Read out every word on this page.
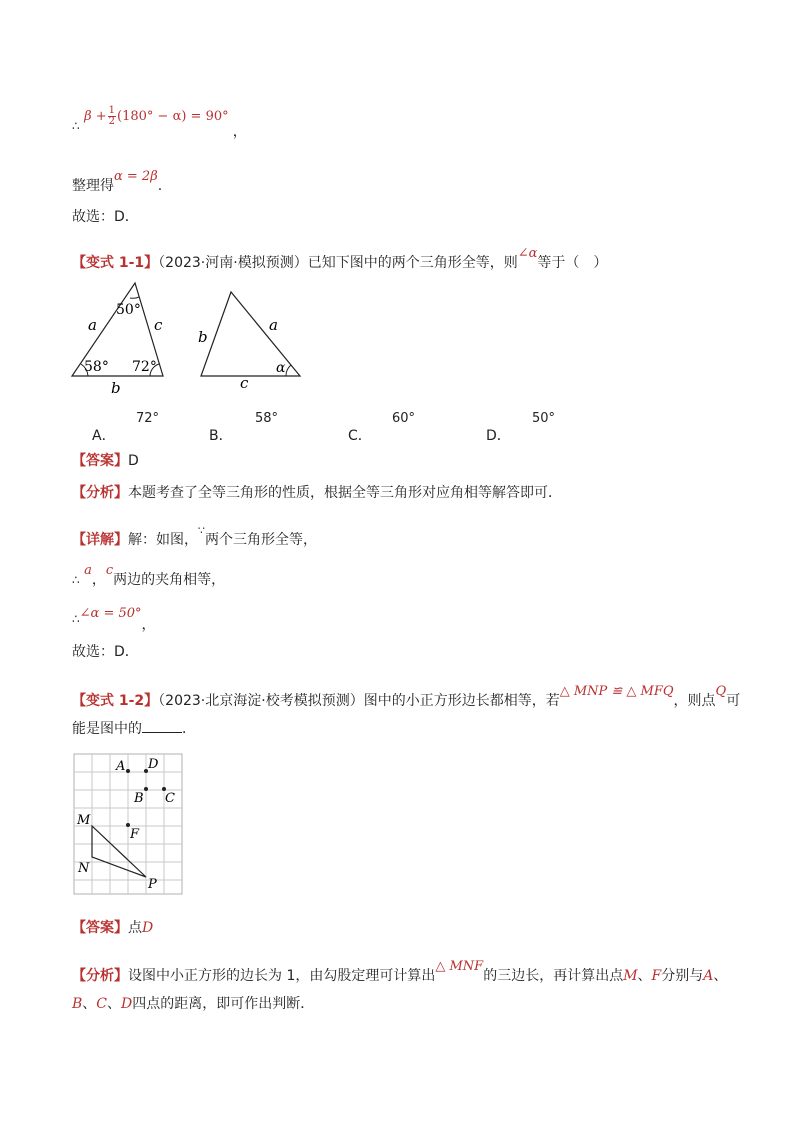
∴ $\beta + \frac{1}{2} (180^\circ - \alpha) = 90^\circ$ ，
整理得α = 2β.
故选：D．
【变式 1-1】（2023·河南·模拟预测）已知下图中的两个三角形全等，则∠α等于（　）
a	c
b
50°
58° 72°
b
a
c
α
A．
72°
B．
58°
C．
60°
D．
50°
【答案】D
【分析】本题考查了全等三角形的性质，根据全等三角形对应角相等解答即可．
【详解】解：如图，∵两个三角形全等，
∴ a，c两边的夹角相等，
∴∠α = 50°，
故选：D．
【变式 1-2】（2023·北京海淀·校考模拟预测）图中的小正方形边长都相等，若△ MNP ≌ △ MFQ，则点Q可
能是图中的	．
A D
B C
M
F
N
P
【答案】点D
【分析】设图中小正方形的边长为 1，由勾股定理可计算出△ MNF的三边长，再计算出点M、F分别与A、
B、C、D四点的距离，即可作出判断．
